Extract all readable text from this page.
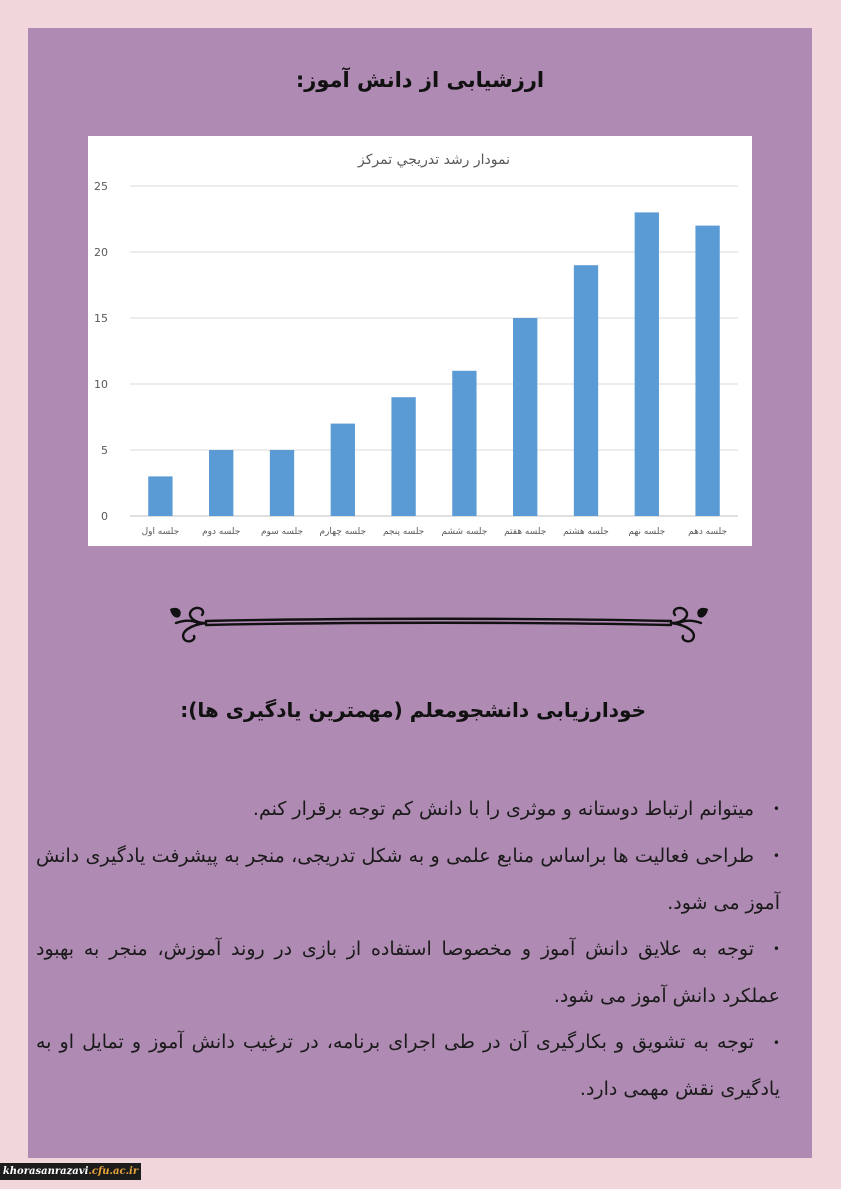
ارزشیابی از دانش آموز:
نمودار رشد تدريجي تمرکز
0
5
10
15
20
25
جلسه اول	جلسه دوم جلسه سوم جلسه چهارم جلسه پنجم جلسه ششم جلسه هفتم جلسه هشتم جلسه نهم	جلسه دهم
خودارزیابی دانشجومعلم (مهمترین یادگیری ها):
•میتوانم ارتباط دوستانه و موثری را با دانش کم توجه برقرار کنم.
•طراحی فعالیت ها براساس منابع علمی و به شکل تدریجی، منجر به پیشرفت یادگیری دانش آموز می شود.
•توجه به علایق دانش آموز و مخصوصا استفاده از بازی در روند آموزش، منجر به بهبود عملکرد دانش آموز می شود.
•توجه به تشویق و بکارگیری آن در طی اجرای برنامه، در ترغیب دانش آموز و تمایل او به یادگیری نقش مهمی دارد.
khorasanrazavi.cfu.ac.ir
